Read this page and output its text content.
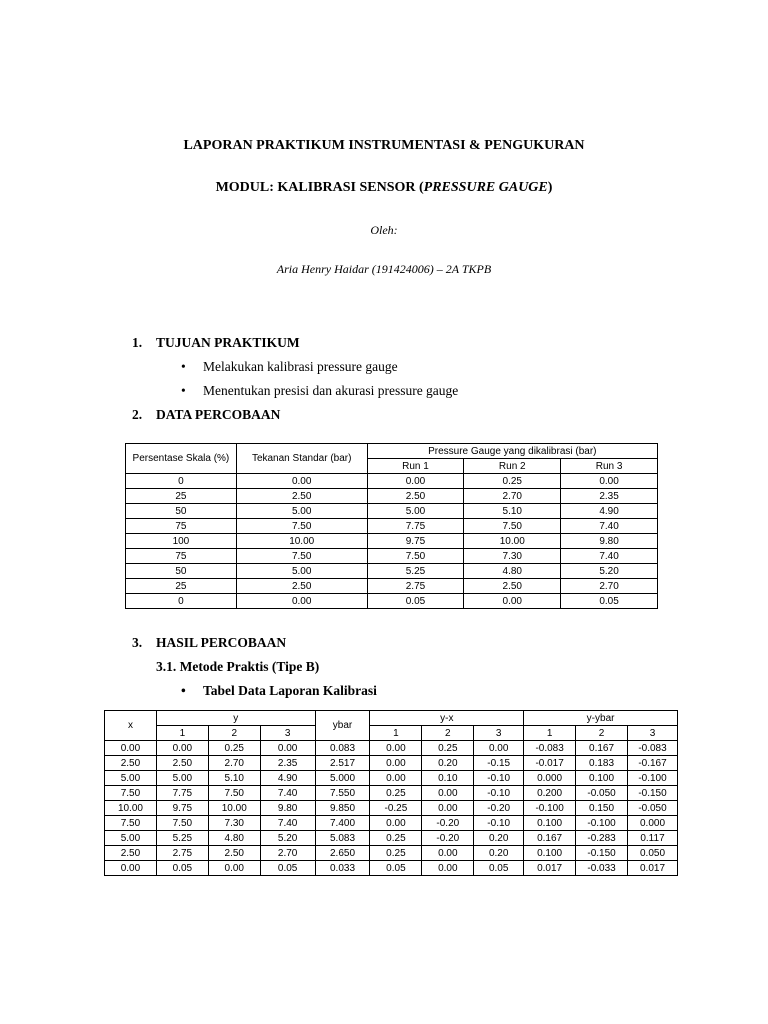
LAPORAN PRAKTIKUM INSTRUMENTASI & PENGUKURAN
MODUL: KALIBRASI SENSOR (PRESSURE GAUGE)
Oleh:
Aria Henry Haidar (191424006) – 2A TKPB
1. TUJUAN PRAKTIKUM
• Melakukan kalibrasi pressure gauge
• Menentukan presisi dan akurasi pressure gauge
2. DATA PERCOBAAN
Persentase Skala (%)	Tekanan Standar (bar)	Pressure Gauge yang dikalibrasi (bar)		
		Run 1	Run 2	Run 3
0	0.00	0.00	0.25	0.00
25	2.50	2.50	2.70	2.35
50	5.00	5.00	5.10	4.90
75	7.50	7.75	7.50	7.40
100	10.00	9.75	10.00	9.80
75	7.50	7.50	7.30	7.40
50	5.00	5.25	4.80	5.20
25	2.50	2.75	2.50	2.70
0	0.00	0.05	0.00	0.05
3. HASIL PERCOBAAN
3.1. Metode Praktis (Tipe B)
• Tabel Data Laporan Kalibrasi
x	y			ybar	y-x			y-ybar		
	1	2	3		1	2	3	1	2	3
0.00	0.00	0.25	0.00	0.083	0.00	0.25	0.00	-0.083	0.167	-0.083
2.50	2.50	2.70	2.35	2.517	0.00	0.20	-0.15	-0.017	0.183	-0.167
5.00	5.00	5.10	4.90	5.000	0.00	0.10	-0.10	0.000	0.100	-0.100
7.50	7.75	7.50	7.40	7.550	0.25	0.00	-0.10	0.200	-0.050	-0.150
10.00	9.75	10.00	9.80	9.850	-0.25	0.00	-0.20	-0.100	0.150	-0.050
7.50	7.50	7.30	7.40	7.400	0.00	-0.20	-0.10	0.100	-0.100	0.000
5.00	5.25	4.80	5.20	5.083	0.25	-0.20	0.20	0.167	-0.283	0.117
2.50	2.75	2.50	2.70	2.650	0.25	0.00	0.20	0.100	-0.150	0.050
0.00	0.05	0.00	0.05	0.033	0.05	0.00	0.05	0.017	-0.033	0.017
